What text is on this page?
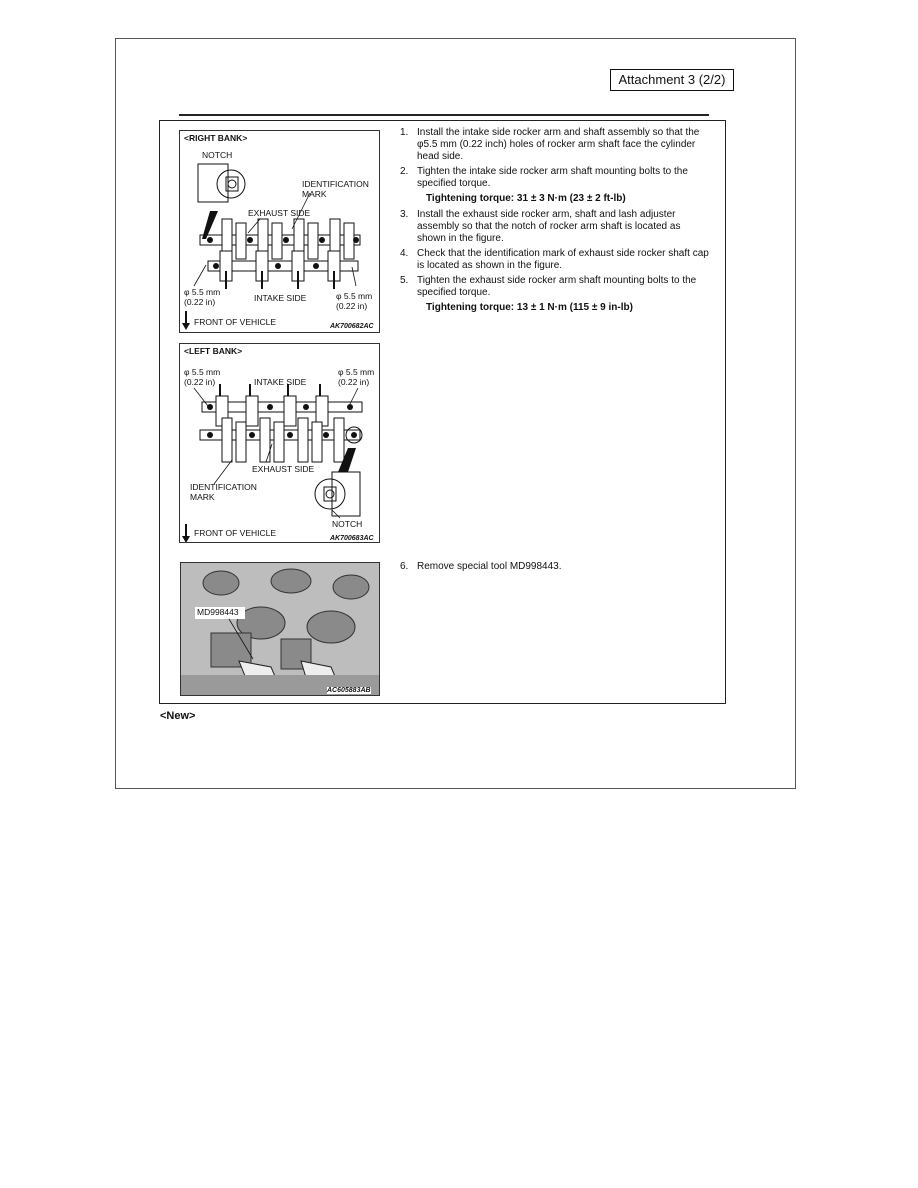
Attachment 3 (2/2)
<RIGHT BANK>
NOTCH
IDENTIFICATION
MARK
EXHAUST SIDE
φ 5.5 mm
(0.22 in)	INTAKE SIDE	φ 5.5 mm
(0.22 in)
FRONT OF VEHICLE	AK700682AC
<LEFT BANK>
φ 5.5 mm
(0.22 in)	INTAKE SIDE
φ 5.5 mm
(0.22 in)
EXHAUST SIDE
IDENTIFICATION
MARK
NOTCH
FRONT OF VEHICLE
AK700683AC
MD998443
AC605883AB
1. Install the intake side rocker arm and shaft assembly so that the φ5.5 mm (0.22 inch) holes of rocker arm shaft face the cylinder head side.
2. Tighten the intake side rocker arm shaft mounting bolts to the specified torque.
Tightening torque: 31 ± 3 N·m (23 ± 2 ft-lb)
3. Install the exhaust side rocker arm, shaft and lash adjuster assembly so that the notch of rocker arm shaft is located as shown in the figure.
4. Check that the identification mark of exhaust side rocker shaft cap is located as shown in the figure.
5. Tighten the exhaust side rocker arm shaft mounting bolts to the specified torque.
Tightening torque: 13 ± 1 N·m (115 ± 9 in-lb)
6. Remove special tool MD998443.
<New>
